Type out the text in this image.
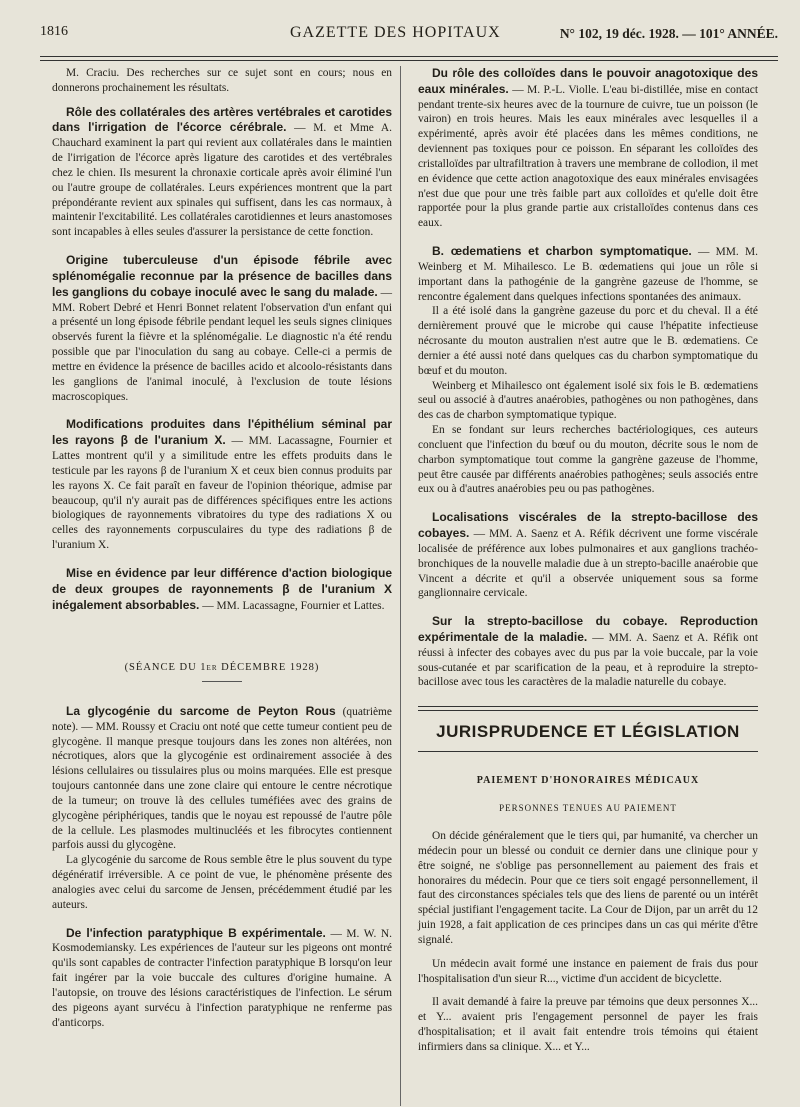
1816	GAZETTE DES HOPITAUX	N° 102, 19 déc. 1928. — 101° ANNÉE.

M. Craciu. Des recherches sur ce sujet sont en cours; nous en donnerons prochainement les résultats.

Rôle des collatérales des artères vertébrales et carotides dans l'irrigation de l'écorce cérébrale. — M. et Mme A. Chauchard examinent la part qui revient aux collatérales dans le maintien de l'irrigation de l'écorce après ligature des carotides et des vertébrales chez le chien. Ils mesurent la chronaxie corticale après avoir éliminé l'un ou l'autre groupe de collatérales. Leurs expériences montrent que la part prépondérante revient aux spinales qui suffisent, dans les cas normaux, à maintenir l'excitabilité. Les collatérales carotidiennes et leurs anastomoses sont incapables à elles seules d'assurer la persistance de cette fonction.

Origine tuberculeuse d'un épisode fébrile avec splénomégalie reconnue par la présence de bacilles dans les ganglions du cobaye inoculé avec le sang du malade. — MM. Robert Debré et Henri Bonnet relatent l'observation d'un enfant qui a présenté un long épisode fébrile pendant lequel les seuls signes cliniques observés furent la fièvre et la splénomégalie. Le diagnostic n'a été rendu possible que par l'inoculation du sang au cobaye. Celle-ci a permis de mettre en évidence la présence de bacilles acido et alcoolo-résistants dans les ganglions de l'animal inoculé, à l'exclusion de toute lésions macroscopiques.

Modifications produites dans l'épithélium séminal par les rayons β de l'uranium X. — MM. Lacassagne, Fournier et Lattes montrent qu'il y a similitude entre les effets produits dans le testicule par les rayons β de l'uranium X et ceux bien connus produits par les rayons X. Ce fait paraît en faveur de l'opinion théorique, admise par beaucoup, qu'il n'y aurait pas de différences spécifiques entre les actions biologiques de rayonnements vibratoires du type des radiations X ou celles des rayonnements corpusculaires du type des radiations β de l'uranium X.

Mise en évidence par leur différence d'action biologique de deux groupes de rayonnements β de l'uranium X inégalement absorbables. — MM. Lacassagne, Fournier et Lattes.

(SÉANCE DU 1er DÉCEMBRE 1928)

La glycogénie du sarcome de Peyton Rous (quatrième note). — MM. Roussy et Craciu ont noté que cette tumeur contient peu de glycogène. Il manque presque toujours dans les zones non altérées, non nécrotiques, alors que la glycogénie est ordinairement associée à des lésions cellulaires ou tissulaires plus ou moins marquées. Elle est presque toujours cantonnée dans une zone claire qui entoure le centre nécrotique de la tumeur; on trouve là des cellules tuméfiées avec des grains de glycogène périphériques, tandis que le noyau est repoussé de l'autre pôle de la cellule. Les plasmodes multinucléés et les fibrocytes contiennent parfois aussi du glycogène.

La glycogénie du sarcome de Rous semble être le plus souvent du type dégénératif irréversible. A ce point de vue, le phénomène présente des analogies avec celui du sarcome de Jensen, précédemment étudié par les auteurs.

De l'infection paratyphique B expérimentale. — M. W. N. Kosmodemiansky. Les expériences de l'auteur sur les pigeons ont montré qu'ils sont capables de contracter l'infection paratyphique B lorsqu'on leur fait ingérer par la voie buccale des cultures d'origine humaine. A l'autopsie, on trouve des lésions caractéristiques de l'infection. Le sérum des pigeons ayant survécu à l'infection paratyphique ne renferme pas d'anticorps.

Du rôle des colloïdes dans le pouvoir anagotoxique des eaux minérales. — M. P.-L. Violle. L'eau bi-distillée, mise en contact pendant trente-six heures avec de la tournure de cuivre, tue un poisson (le vairon) en trois heures. Mais les eaux minérales avec lesquelles il a expérimenté, après avoir été placées dans les mêmes conditions, ne deviennent pas toxiques pour ce poisson. En séparant les colloïdes des cristalloïdes par ultrafiltration à travers une membrane de collodion, il met en évidence que cette action anagotoxique des eaux minérales envisagées n'est due que pour une très faible part aux colloïdes et qu'elle doit être rapportée pour la plus grande partie aux cristalloïdes contenus dans ces eaux.

B. œdematiens et charbon symptomatique. — MM. M. Weinberg et M. Mihailesco. Le B. œdematiens qui joue un rôle si important dans la pathogénie de la gangrène gazeuse de l'homme, se rencontre également dans quelques infections spontanées des animaux.

Il a été isolé dans la gangrène gazeuse du porc et du cheval. Il a été dernièrement prouvé que le microbe qui cause l'hépatite infectieuse nécrosante du mouton australien n'est autre que le B. œdematiens. Ce dernier a été aussi noté dans quelques cas du charbon symptomatique du bœuf et du mouton.

Weinberg et Mihailesco ont également isolé six fois le B. œdematiens seul ou associé à d'autres anaérobies, pathogènes ou non pathogènes, dans des cas de charbon symptomatique typique.

En se fondant sur leurs recherches bactériologiques, ces auteurs concluent que l'infection du bœuf ou du mouton, décrite sous le nom de charbon symptomatique tout comme la gangrène gazeuse de l'homme, peut être causée par différents anaérobies pathogènes; seuls associés entre eux ou à d'autres anaérobies peu ou pas pathogènes.

Localisations viscérales de la strepto-bacillose des cobayes. — MM. A. Saenz et A. Réfik décrivent une forme viscérale localisée de préférence aux lobes pulmonaires et aux ganglions trachéo-bronchiques de la nouvelle maladie due à un strepto-bacille anaérobie que Vincent a décrite et qu'il a observée uniquement sous sa forme ganglionnaire cervicale.

Sur la strepto-bacillose du cobaye. Reproduction expérimentale de la maladie. — MM. A. Saenz et A. Réfik ont réussi à infecter des cobayes avec du pus par la voie buccale, par la voie sous-cutanée et par scarification de la peau, et à reproduire la strepto-bacillose avec tous les caractères de la maladie naturelle du cobaye.

JURISPRUDENCE ET LÉGISLATION
PAIEMENT D'HONORAIRES MÉDICAUX
PERSONNES TENUES AU PAIEMENT

On décide généralement que le tiers qui, par humanité, va chercher un médecin pour un blessé ou conduit ce dernier dans une clinique pour y être soigné, ne s'oblige pas personnellement au paiement des frais et honoraires du médecin. Pour que ce tiers soit engagé personnellement, il faut des circonstances spéciales tels que des liens de parenté ou un intérêt spécial justifiant l'engagement tacite. La Cour de Dijon, par un arrêt du 12 juin 1928, a fait application de ces principes dans un cas qui mérite d'être signalé.

Un médecin avait formé une instance en paiement de frais dus pour l'hospitalisation d'un sieur R..., victime d'un accident de bicyclette.

Il avait demandé à faire la preuve par témoins que deux personnes X... et Y... avaient pris l'engagement personnel de payer les frais d'hospitalisation; et il avait fait entendre trois témoins qui étaient infirmiers dans sa clinique. X... et Y...
